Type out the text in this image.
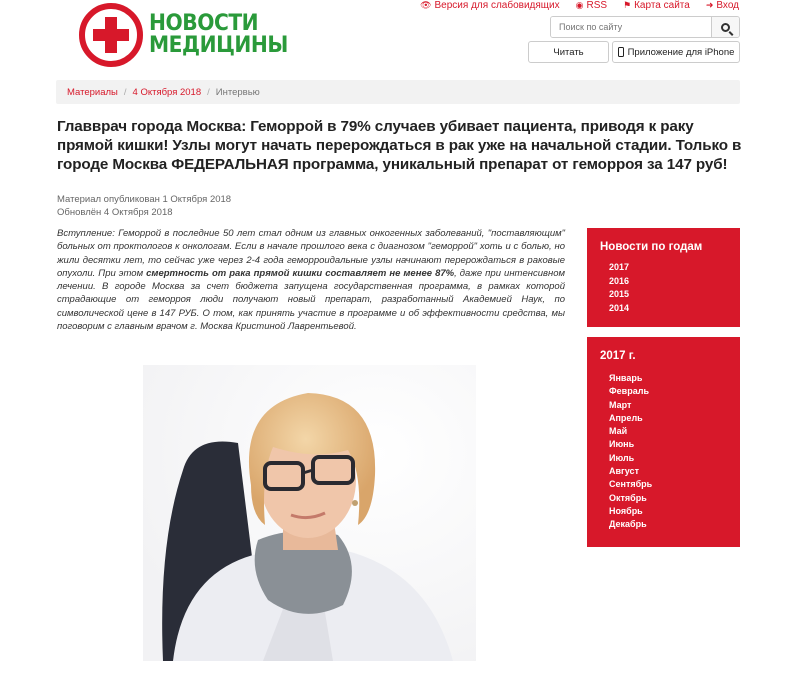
НОВОСТИ
МЕДИЦИНЫ
👁 Версия для слабовидящих ◉ RSS ⚑ Карта сайта ➜ Вход
Поиск по сайту
Читать	Приложение для iPhone
Материалы / 4 Октября 2018 / Интервью
Главврач города Москва: Геморрой в 79% случаев убивает пациента, приводя к раку прямой кишки! Узлы могут начать перерождаться в рак уже на начальной стадии. Только в городе Москва ФЕДЕРАЛЬНАЯ программа, уникальный препарат от геморроя за 147 руб!
Материал опубликован 1 Октября 2018
Обновлён 4 Октября 2018

Вступление: Геморрой в последние 50 лет стал одним из главных онкогенных заболеваний, "поставляющим" больных от проктологов к онкологам. Если в начале прошлого века с диагнозом "геморрой" хоть и с болью, но жили десятки лет, то сейчас уже через 2-4 года геморроидальные узлы начинают перерождаться в раковые опухоли. При этом смертность от рака прямой кишки составляет не менее 87%, даже при интенсивном лечении. В городе Москва за счет бюджета запущена государственная программа, в рамках которой страдающие от геморроя люди получают новый препарат, разработанный Академией Наук, по символической цене в 147 РУБ. О том, как принять участие в программе и об эффективности средства, мы поговорим с главным врачом г. Москва Кристиной Лаврентьевой.

Новости по годам
2017
2016
2015
2014
2017 г.
Январь
Февраль
Март
Апрель
Май
Июнь
Июль
Август
Сентябрь
Октябрь
Ноябрь
Декабрь
